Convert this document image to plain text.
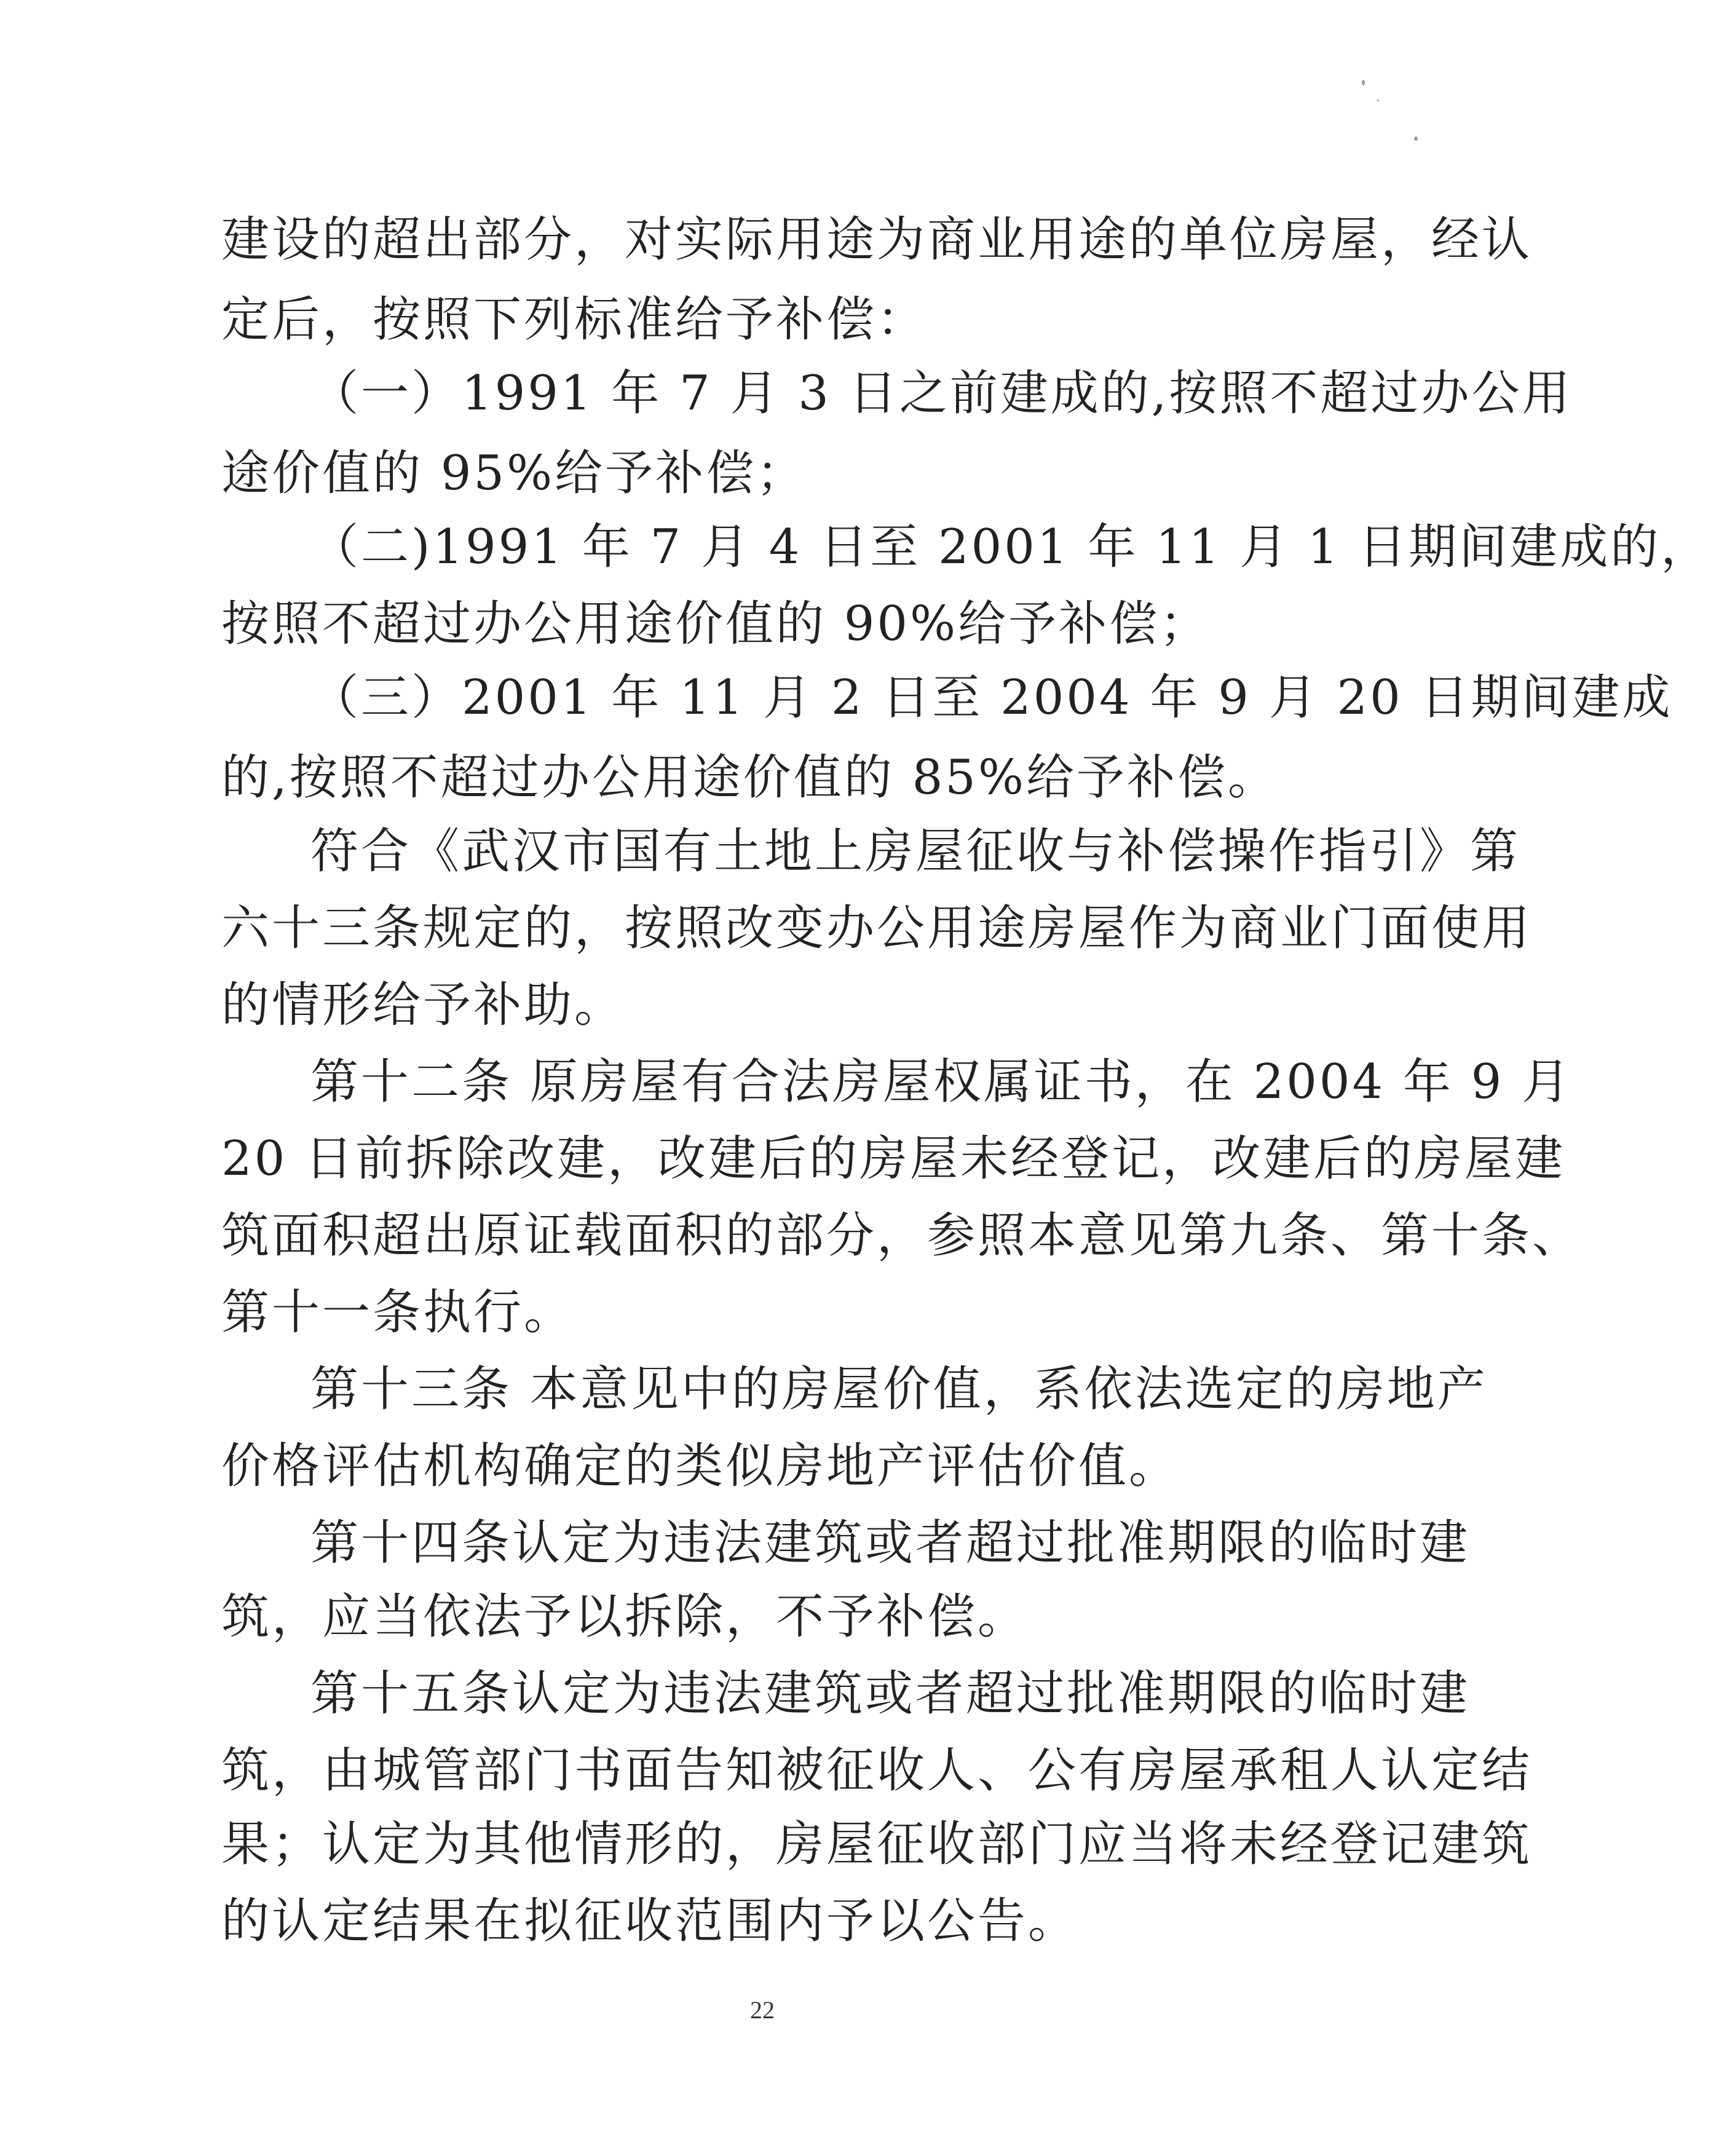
建设的超出部分，对实际用途为商业用途的单位房屋，经认
定后，按照下列标准给予补偿：
（一）1991 年 7 月 3 日之前建成的,按照不超过办公用
途价值的 95%给予补偿；
（二)1991 年 7 月 4 日至 2001 年 11 月 1 日期间建成的，
按照不超过办公用途价值的 90%给予补偿；
（三）2001 年 11 月 2 日至 2004 年 9 月 20 日期间建成
的,按照不超过办公用途价值的 85%给予补偿。
符合《武汉市国有土地上房屋征收与补偿操作指引》第
六十三条规定的，按照改变办公用途房屋作为商业门面使用
的情形给予补助。
第十二条 原房屋有合法房屋权属证书，在 2004 年 9 月
20 日前拆除改建，改建后的房屋未经登记，改建后的房屋建
筑面积超出原证载面积的部分，参照本意见第九条、第十条、
第十一条执行。
第十三条 本意见中的房屋价值，系依法选定的房地产
价格评估机构确定的类似房地产评估价值。
第十四条认定为违法建筑或者超过批准期限的临时建
筑，应当依法予以拆除，不予补偿。
第十五条认定为违法建筑或者超过批准期限的临时建
筑，由城管部门书面告知被征收人、公有房屋承租人认定结
果；认定为其他情形的，房屋征收部门应当将未经登记建筑
的认定结果在拟征收范围内予以公告。
22
